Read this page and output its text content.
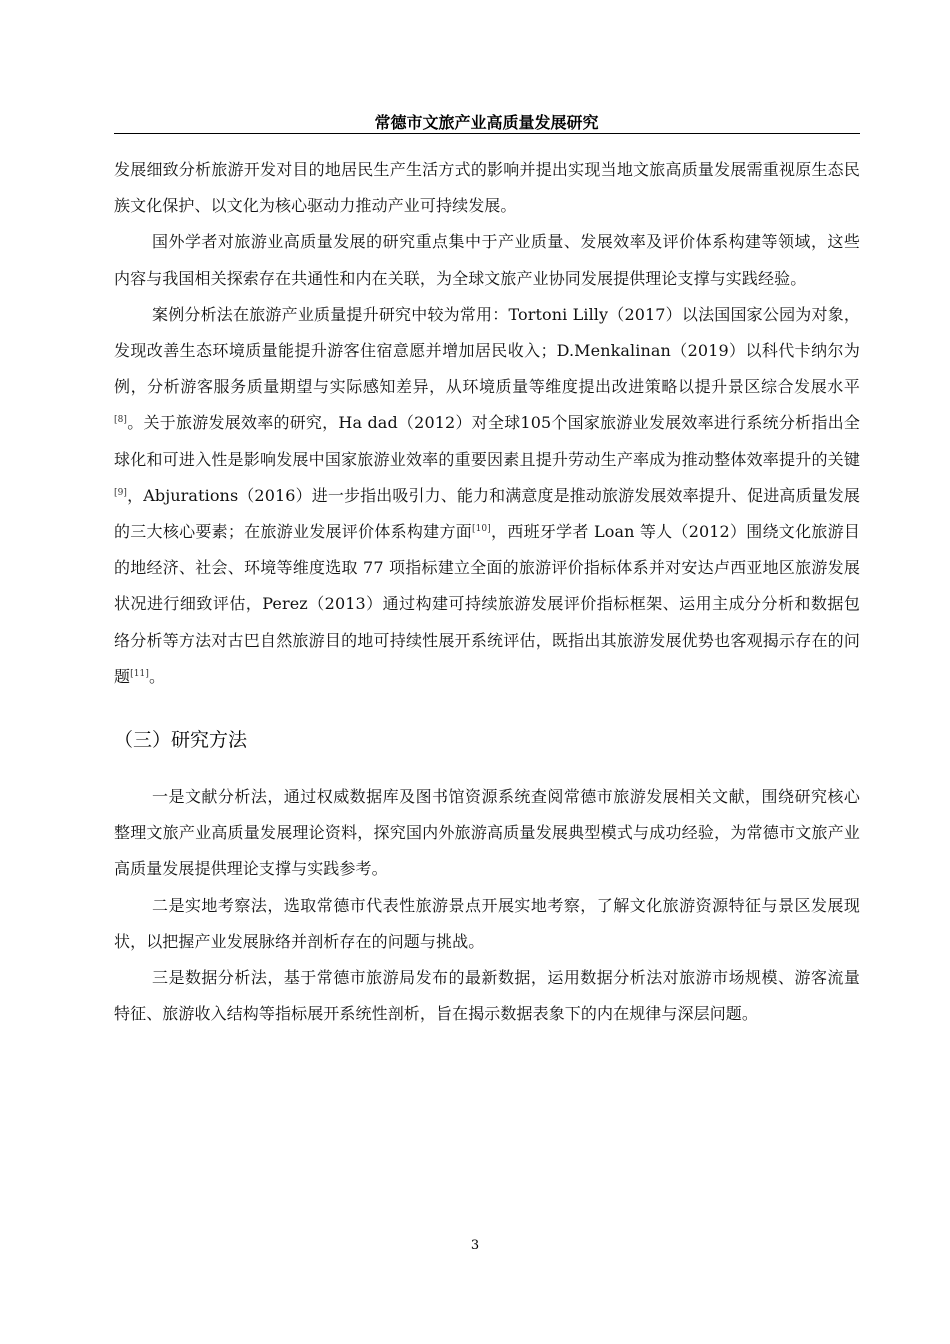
常德市文旅产业高质量发展研究

发展细致分析旅游开发对目的地居民生产生活方式的影响并提出实现当地文旅高质量发展需重视原生态民族文化保护、以文化为核心驱动力推动产业可持续发展。

国外学者对旅游业高质量发展的研究重点集中于产业质量、发展效率及评价体系构建等领域，这些内容与我国相关探索存在共通性和内在关联，为全球文旅产业协同发展提供理论支撑与实践经验。

案例分析法在旅游产业质量提升研究中较为常用：Tortoni Lilly（2017）以法国国家公园为对象，发现改善生态环境质量能提升游客住宿意愿并增加居民收入；D.Menkalinan（2019）以科代卡纳尔为例，分析游客服务质量期望与实际感知差异，从环境质量等维度提出改进策略以提升景区综合发展水平[8]。关于旅游发展效率的研究，Ha dad（2012）对全球105个国家旅游业发展效率进行系统分析指出全球化和可进入性是影响发展中国家旅游业效率的重要因素且提升劳动生产率成为推动整体效率提升的关键[9]，Abjurations（2016）进一步指出吸引力、能力和满意度是推动旅游发展效率提升、促进高质量发展的三大核心要素；在旅游业发展评价体系构建方面[10]，西班牙学者 Loan 等人（2012）围绕文化旅游目的地经济、社会、环境等维度选取 77 项指标建立全面的旅游评价指标体系并对安达卢西亚地区旅游发展状况进行细致评估，Perez（2013）通过构建可持续旅游发展评价指标框架、运用主成分分析和数据包络分析等方法对古巴自然旅游目的地可持续性展开系统评估，既指出其旅游发展优势也客观揭示存在的问题[11]。

（三）研究方法

一是文献分析法，通过权威数据库及图书馆资源系统查阅常德市旅游发展相关文献，围绕研究核心整理文旅产业高质量发展理论资料，探究国内外旅游高质量发展典型模式与成功经验，为常德市文旅产业高质量发展提供理论支撑与实践参考。

二是实地考察法，选取常德市代表性旅游景点开展实地考察，了解文化旅游资源特征与景区发展现状，以把握产业发展脉络并剖析存在的问题与挑战。

三是数据分析法，基于常德市旅游局发布的最新数据，运用数据分析法对旅游市场规模、游客流量特征、旅游收入结构等指标展开系统性剖析，旨在揭示数据表象下的内在规律与深层问题。

3
